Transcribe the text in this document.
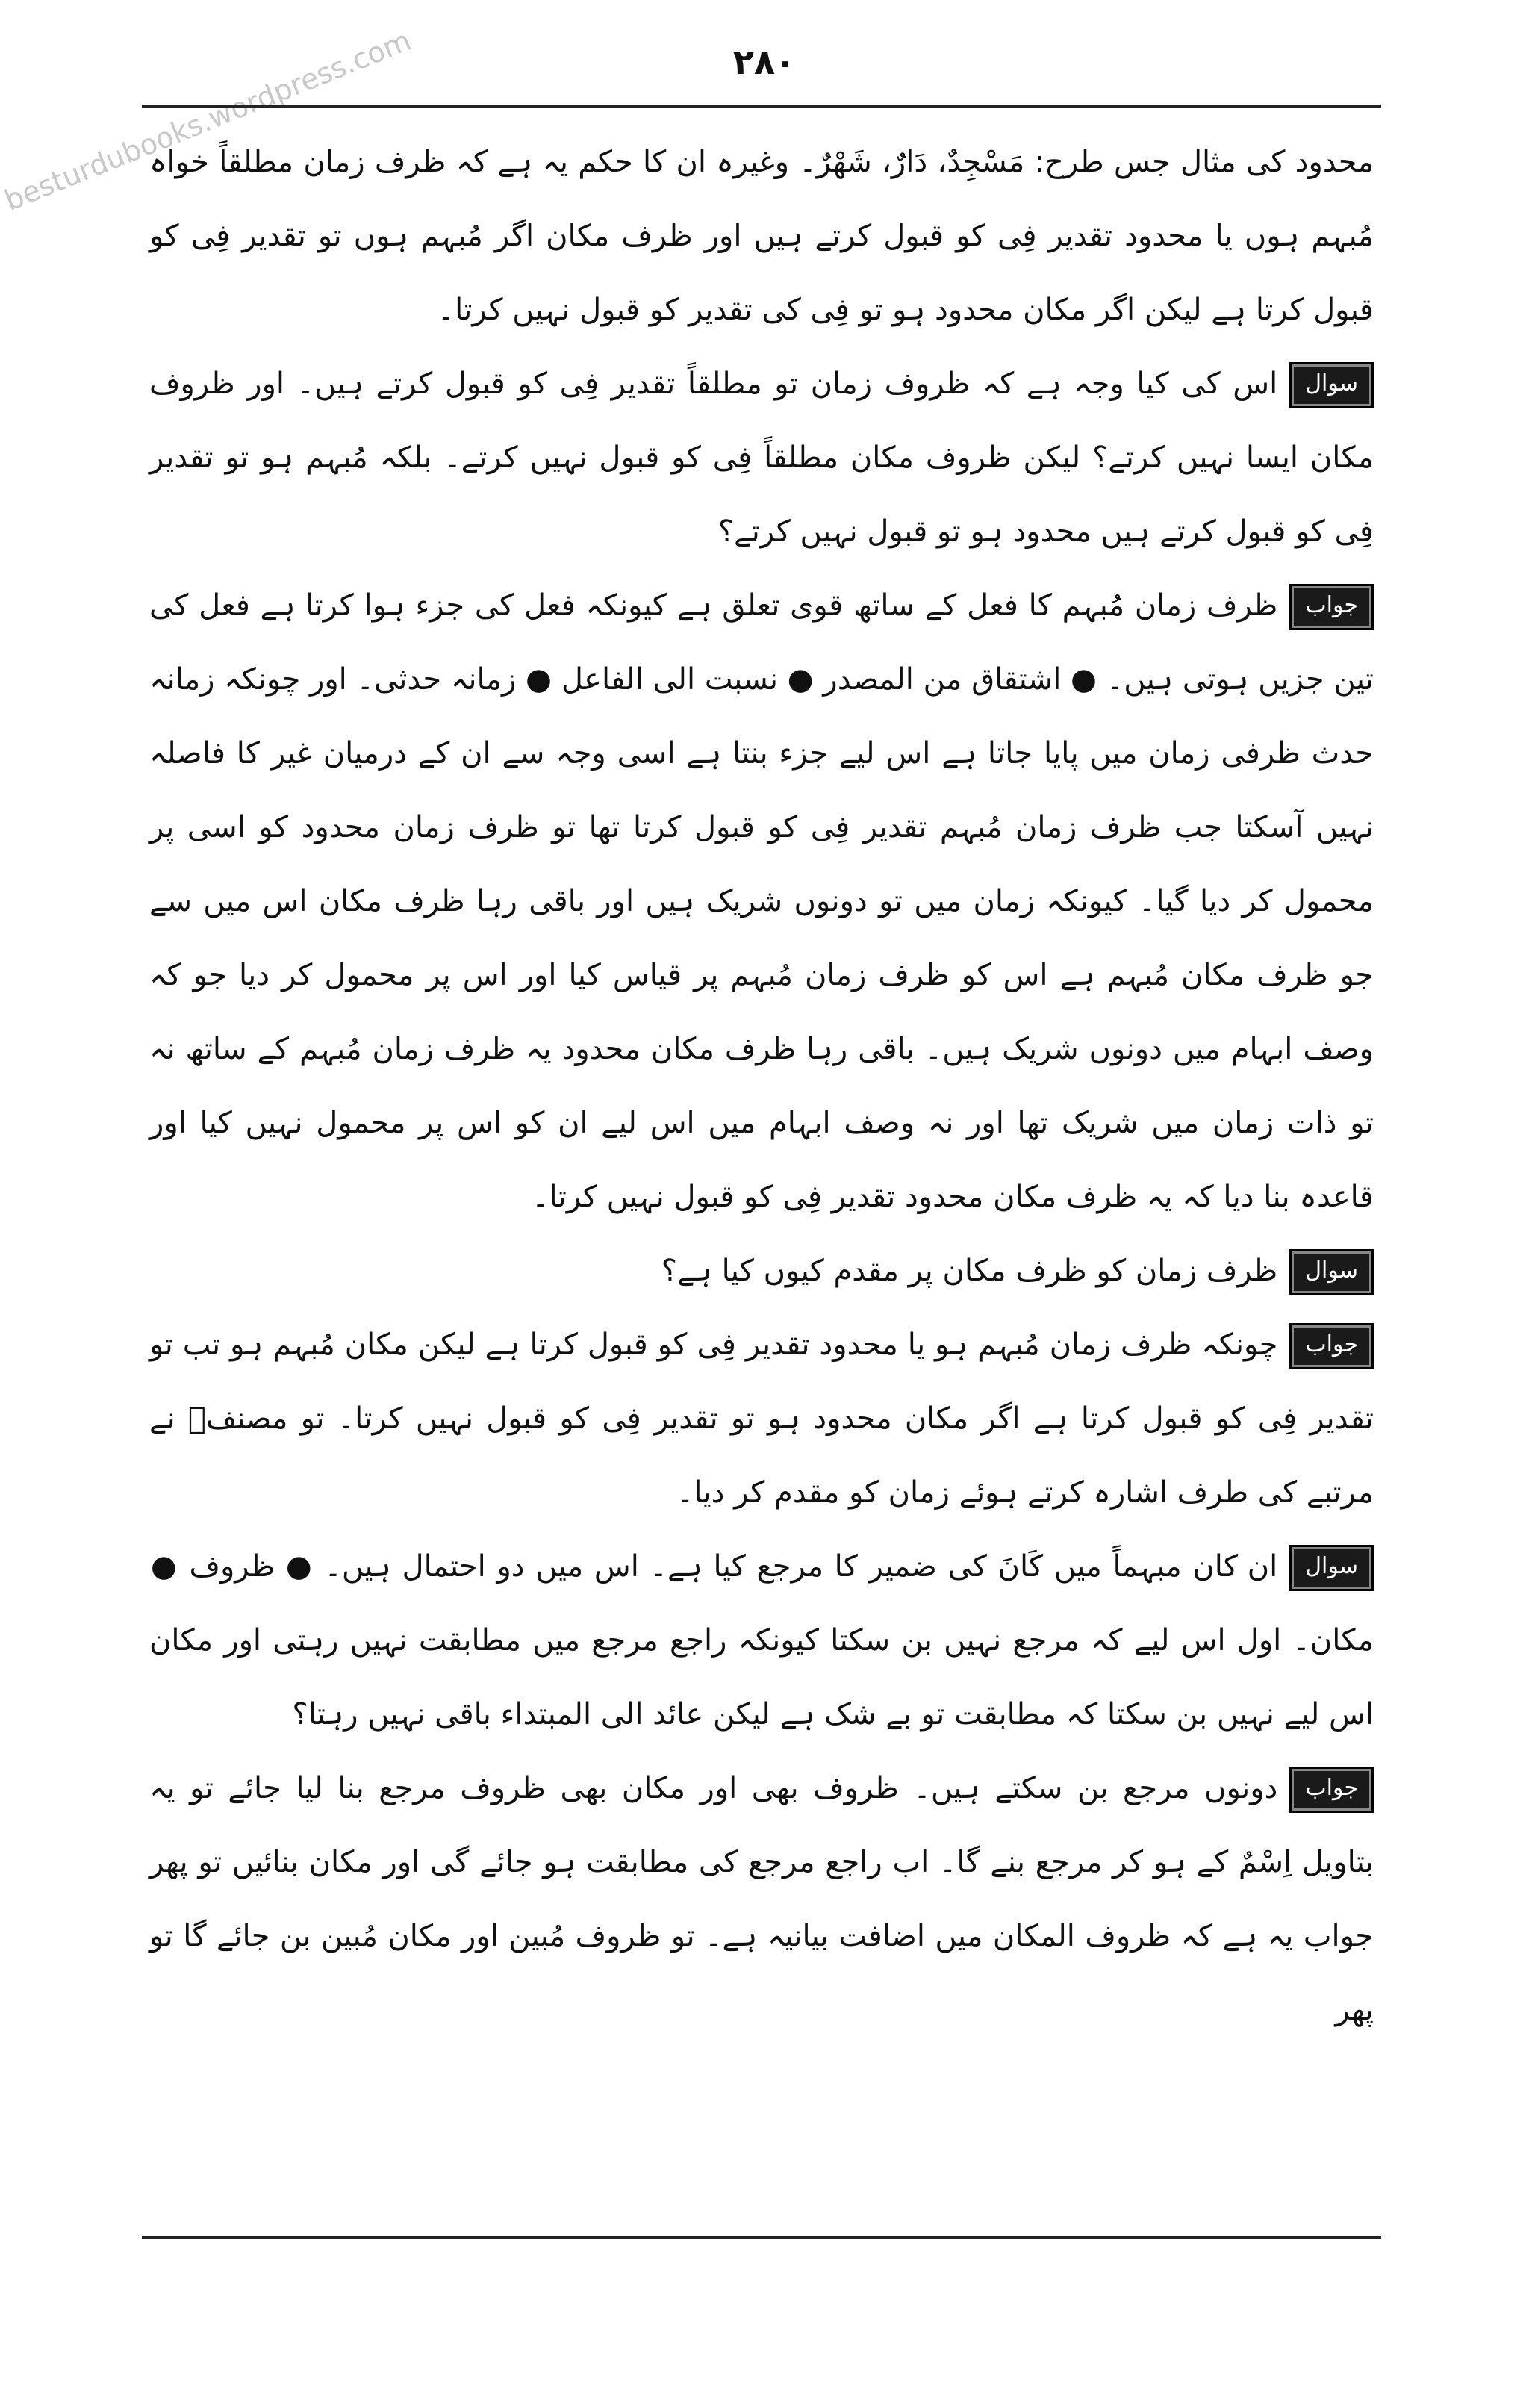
besturdubooks.wordpress.com	۲۸۰

محدود کی مثال جس طرح: مَسْجِدٌ، دَارٌ، شَهْرٌ۔ وغیرہ ان کا حکم یہ ہے کہ ظرف زمان مطلقاً خواہ مُبہم ہوں یا محدود تقدیر فِی کو قبول کرتے ہیں اور ظرف مکان اگر مُبہم ہوں تو تقدیر فِی کو قبول کرتا ہے لیکن اگر مکان محدود ہو تو فِی کی تقدیر کو قبول نہیں کرتا۔

سوالاس کی کیا وجہ ہے کہ ظروف زمان تو مطلقاً تقدیر فِی کو قبول کرتے ہیں۔ اور ظروف مکان ایسا نہیں کرتے؟ لیکن ظروف مکان مطلقاً فِی کو قبول نہیں کرتے۔ بلکہ مُبہم ہو تو تقدیر فِی کو قبول کرتے ہیں محدود ہو تو قبول نہیں کرتے؟

جوابظرف زمان مُبہم کا فعل کے ساتھ قوی تعلق ہے کیونکہ فعل کی جزء ہوا کرتا ہے فعل کی تین جزیں ہوتی ہیں۔ ● اشتقاق من المصدر ● نسبت الی الفاعل ● زمانہ حدثی۔ اور چونکہ زمانہ حدث ظرفی زمان میں پایا جاتا ہے اس لیے جزء بنتا ہے اسی وجہ سے ان کے درمیان غیر کا فاصلہ نہیں آسکتا جب ظرف زمان مُبہم تقدیر فِی کو قبول کرتا تھا تو ظرف زمان محدود کو اسی پر محمول کر دیا گیا۔ کیونکہ زمان میں تو دونوں شریک ہیں اور باقی رہا ظرف مکان اس میں سے جو ظرف مکان مُبہم ہے اس کو ظرف زمان مُبہم پر قیاس کیا اور اس پر محمول کر دیا جو کہ وصف ابہام میں دونوں شریک ہیں۔ باقی رہا ظرف مکان محدود یہ ظرف زمان مُبہم کے ساتھ نہ تو ذات زمان میں شریک تھا اور نہ وصف ابہام میں اس لیے ان کو اس پر محمول نہیں کیا اور قاعدہ بنا دیا کہ یہ ظرف مکان محدود تقدیر فِی کو قبول نہیں کرتا۔

سوالظرف زمان کو ظرف مکان پر مقدم کیوں کیا ہے؟

جوابچونکہ ظرف زمان مُبہم ہو یا محدود تقدیر فِی کو قبول کرتا ہے لیکن مکان مُبہم ہو تب تو تقدیر فِی کو قبول کرتا ہے اگر مکان محدود ہو تو تقدیر فِی کو قبول نہیں کرتا۔ تو مصنفؒ نے مرتبے کی طرف اشارہ کرتے ہوئے زمان کو مقدم کر دیا۔

سوالان کان مبہماً میں کَانَ کی ضمیر کا مرجع کیا ہے۔ اس میں دو احتمال ہیں۔ ● ظروف ● مکان۔ اول اس لیے کہ مرجع نہیں بن سکتا کیونکہ راجع مرجع میں مطابقت نہیں رہتی اور مکان اس لیے نہیں بن سکتا کہ مطابقت تو بے شک ہے لیکن عائد الی المبتداء باقی نہیں رہتا؟

جوابدونوں مرجع بن سکتے ہیں۔ ظروف بھی اور مکان بھی ظروف مرجع بنا لیا جائے تو یہ بتاویل اِسْمٌ کے ہو کر مرجع بنے گا۔ اب راجع مرجع کی مطابقت ہو جائے گی اور مکان بنائیں تو پھر جواب یہ ہے کہ ظروف المکان میں اضافت بیانیہ ہے۔ تو ظروف مُبین اور مکان مُبین بن جائے گا تو پھر
